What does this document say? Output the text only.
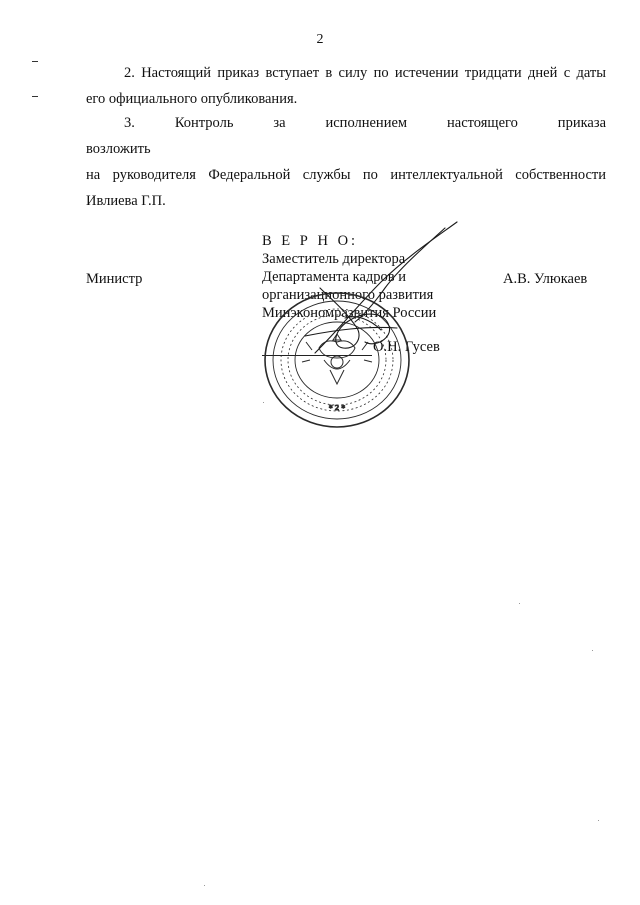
2
2. Настоящий приказ вступает в силу по истечении тридцати дней с даты
его официального опубликования.
3. Контроль за исполнением настоящего приказа возложить
на руководителя Федеральной службы по интеллектуальной собственности
Ивлиева Г.П.
Министр
В Е Р Н О:
Заместитель директора
Департамента кадров и
организационного развития
Минэкономразвития России
А.В. Улюкаев
О.Н. Гусев
* 2 *
